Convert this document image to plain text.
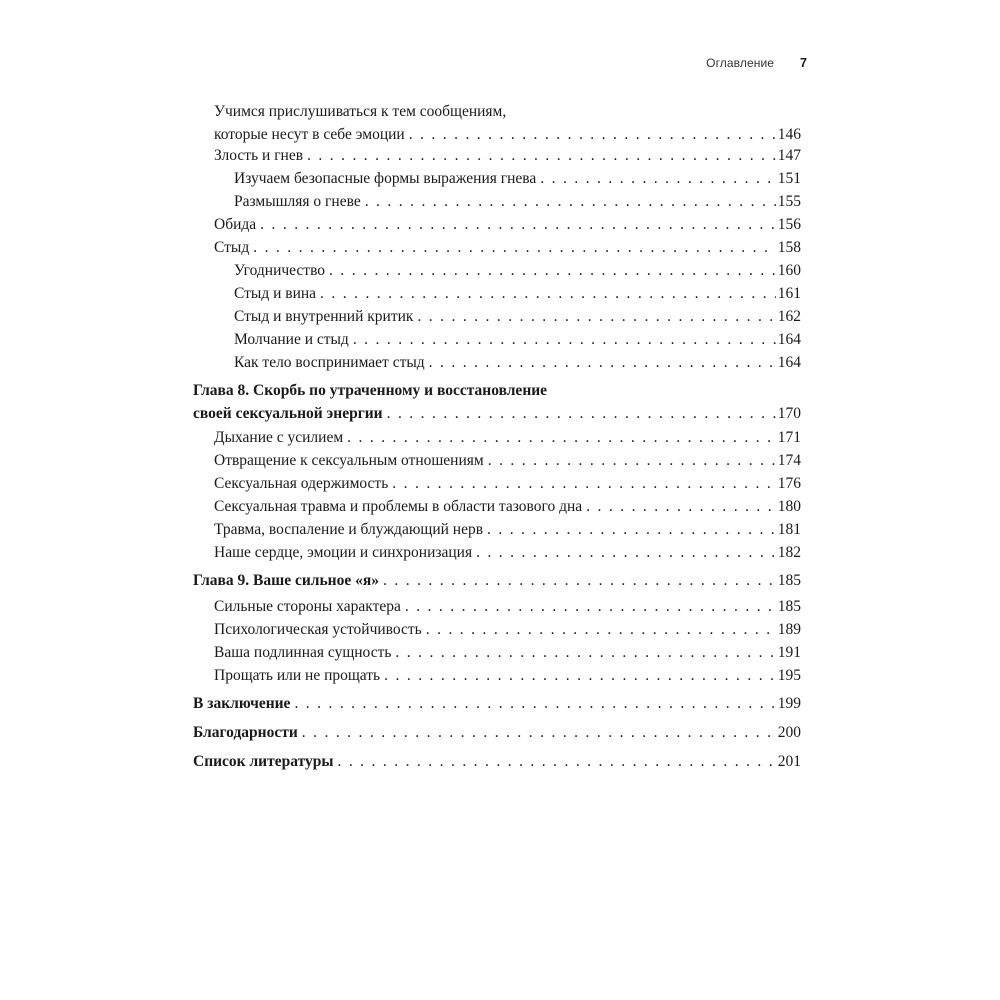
Оглавление 7
Учимся прислушиваться к тем сообщениям,
которые несут в себе эмоции . . .	146
Злость и гнев . . .	147
Изучаем безопасные формы выражения гнева . . .	151
Размышляя о гневе . . .	155
Обида . . .	156
Стыд . . .	158
Угодничество . . .	160
Стыд и вина . . .	161
Стыд и внутренний критик . . .	162
Молчание и стыд . . .	164
Как тело воспринимает стыд . . .	164
Глава 8. Скорбь по утраченному и восстановление
своей сексуальной энергии . . .	170
Дыхание с усилием . . .	171
Отвращение к сексуальным отношениям . . .	174
Сексуальная одержимость . . .	176
Сексуальная травма и проблемы в области тазового дна . . .	180
Травма, воспаление и блуждающий нерв . . .	181
Наше сердце, эмоции и синхронизация . . .	182
Глава 9. Ваше сильное «я» . . .	185
Сильные стороны характера . . .	185
Психологическая устойчивость . . .	189
Ваша подлинная сущность . . .	191
Прощать или не прощать . . .	195
В заключение . . .	199
Благодарности . . .	200
Список литературы . . .	201
